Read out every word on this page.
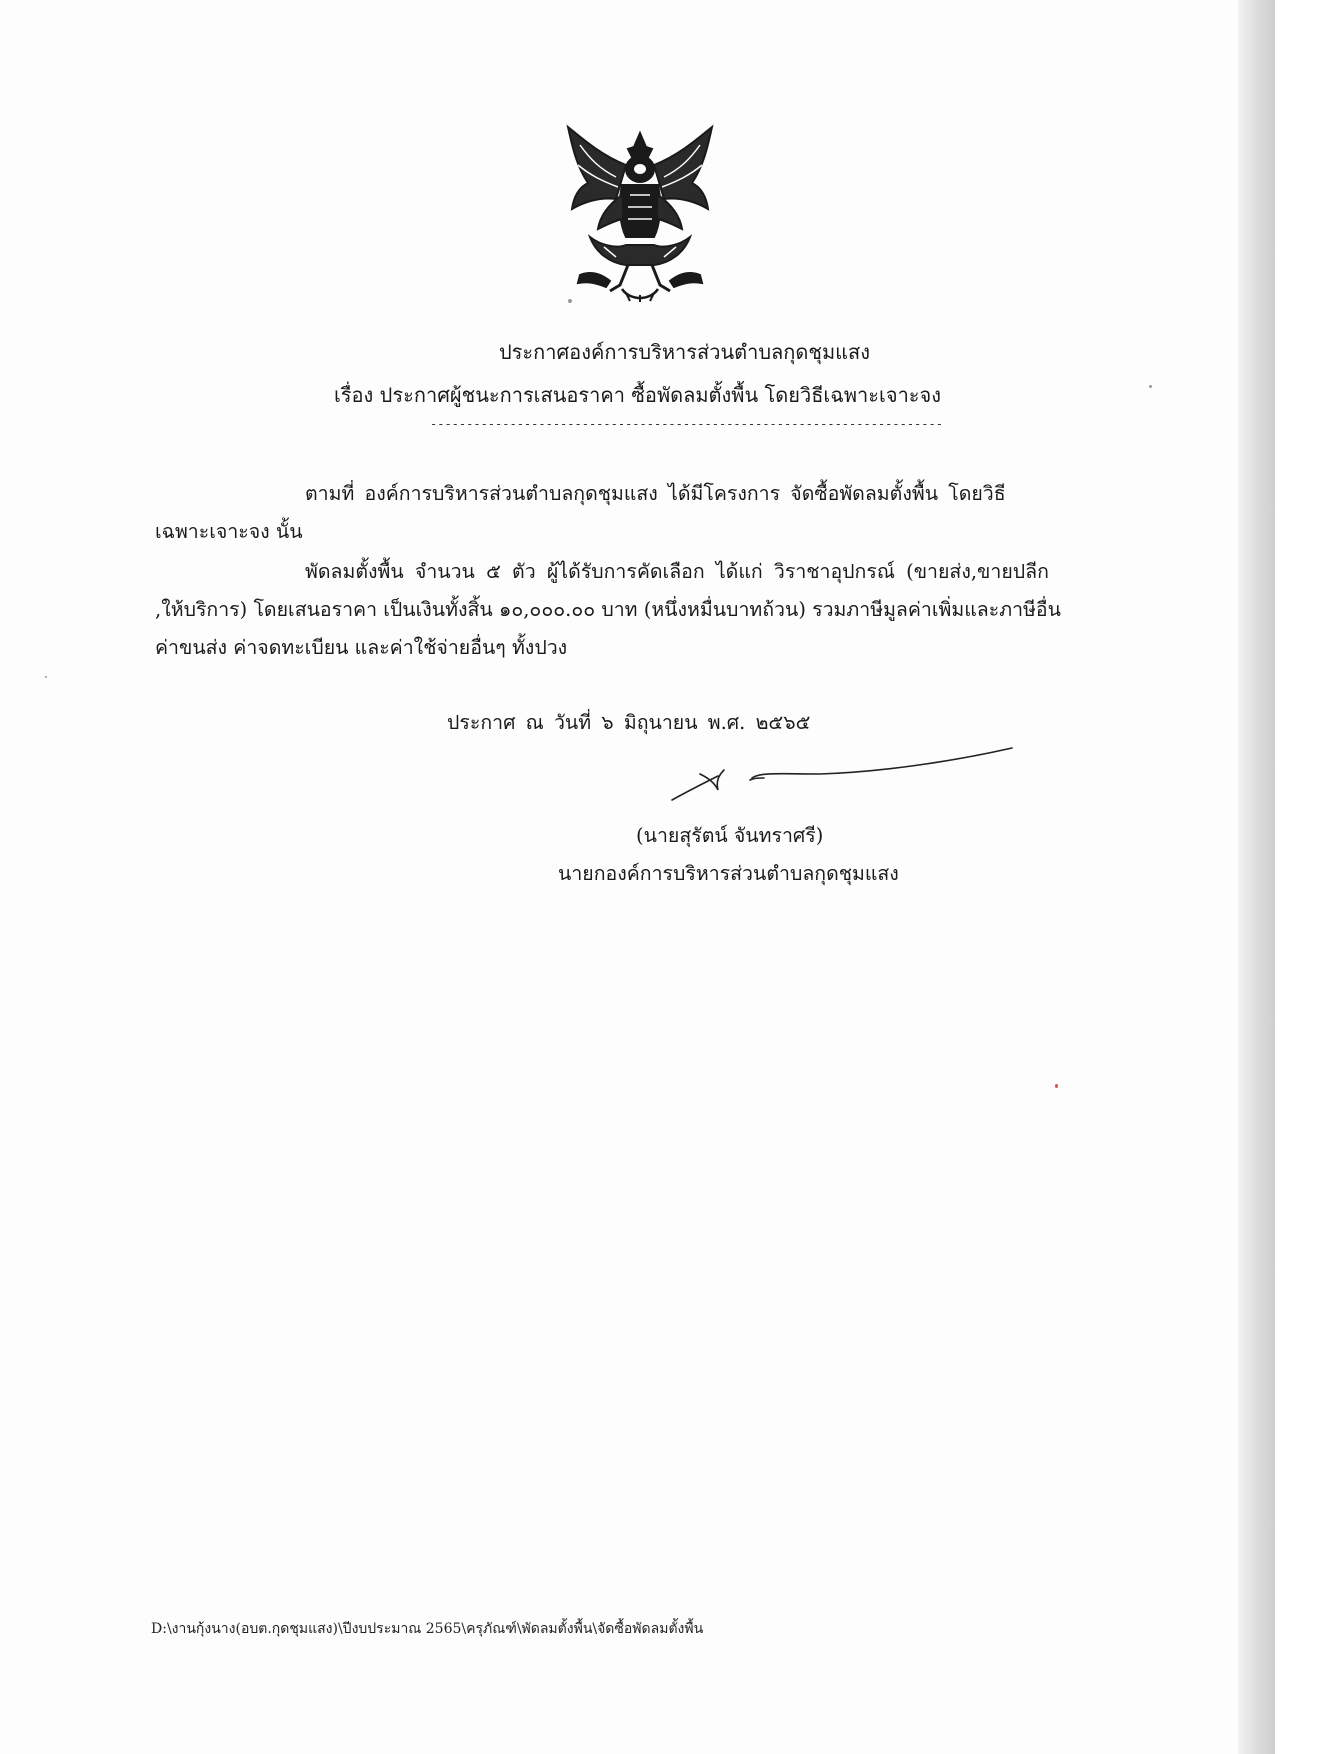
ประกาศองค์การบริหารส่วนตำบลกุดชุมแสง
เรื่อง ประกาศผู้ชนะการเสนอราคา ซื้อพัดลมตั้งพื้น โดยวิธีเฉพาะเจาะจง
-----------------------------------------------------------------------
ตามที่ องค์การบริหารส่วนตำบลกุดชุมแสง ได้มีโครงการ จัดซื้อพัดลมตั้งพื้น โดยวิธี
เฉพาะเจาะจง นั้น
พัดลมตั้งพื้น จำนวน ๕ ตัว ผู้ได้รับการคัดเลือก ได้แก่ วิราชาอุปกรณ์ (ขายส่ง,ขายปลีก
,ให้บริการ) โดยเสนอราคา เป็นเงินทั้งสิ้น ๑๐,๐๐๐.๐๐ บาท (หนึ่งหมื่นบาทถ้วน) รวมภาษีมูลค่าเพิ่มและภาษีอื่น
ค่าขนส่ง ค่าจดทะเบียน และค่าใช้จ่ายอื่นๆ ทั้งปวง
ประกาศ ณ วันที่ ๖ มิถุนายน พ.ศ. ๒๕๖๕
(นายสุรัตน์ จันทราศรี)
นายกองค์การบริหารส่วนตำบลกุดชุมแสง
D:\งานกุ้งนาง(อบต.กุดชุมแสง)\ปีงบประมาณ 2565\ครุภัณฑ์\พัดลมตั้งพื้น\จัดซื้อพัดลมตั้งพื้น
